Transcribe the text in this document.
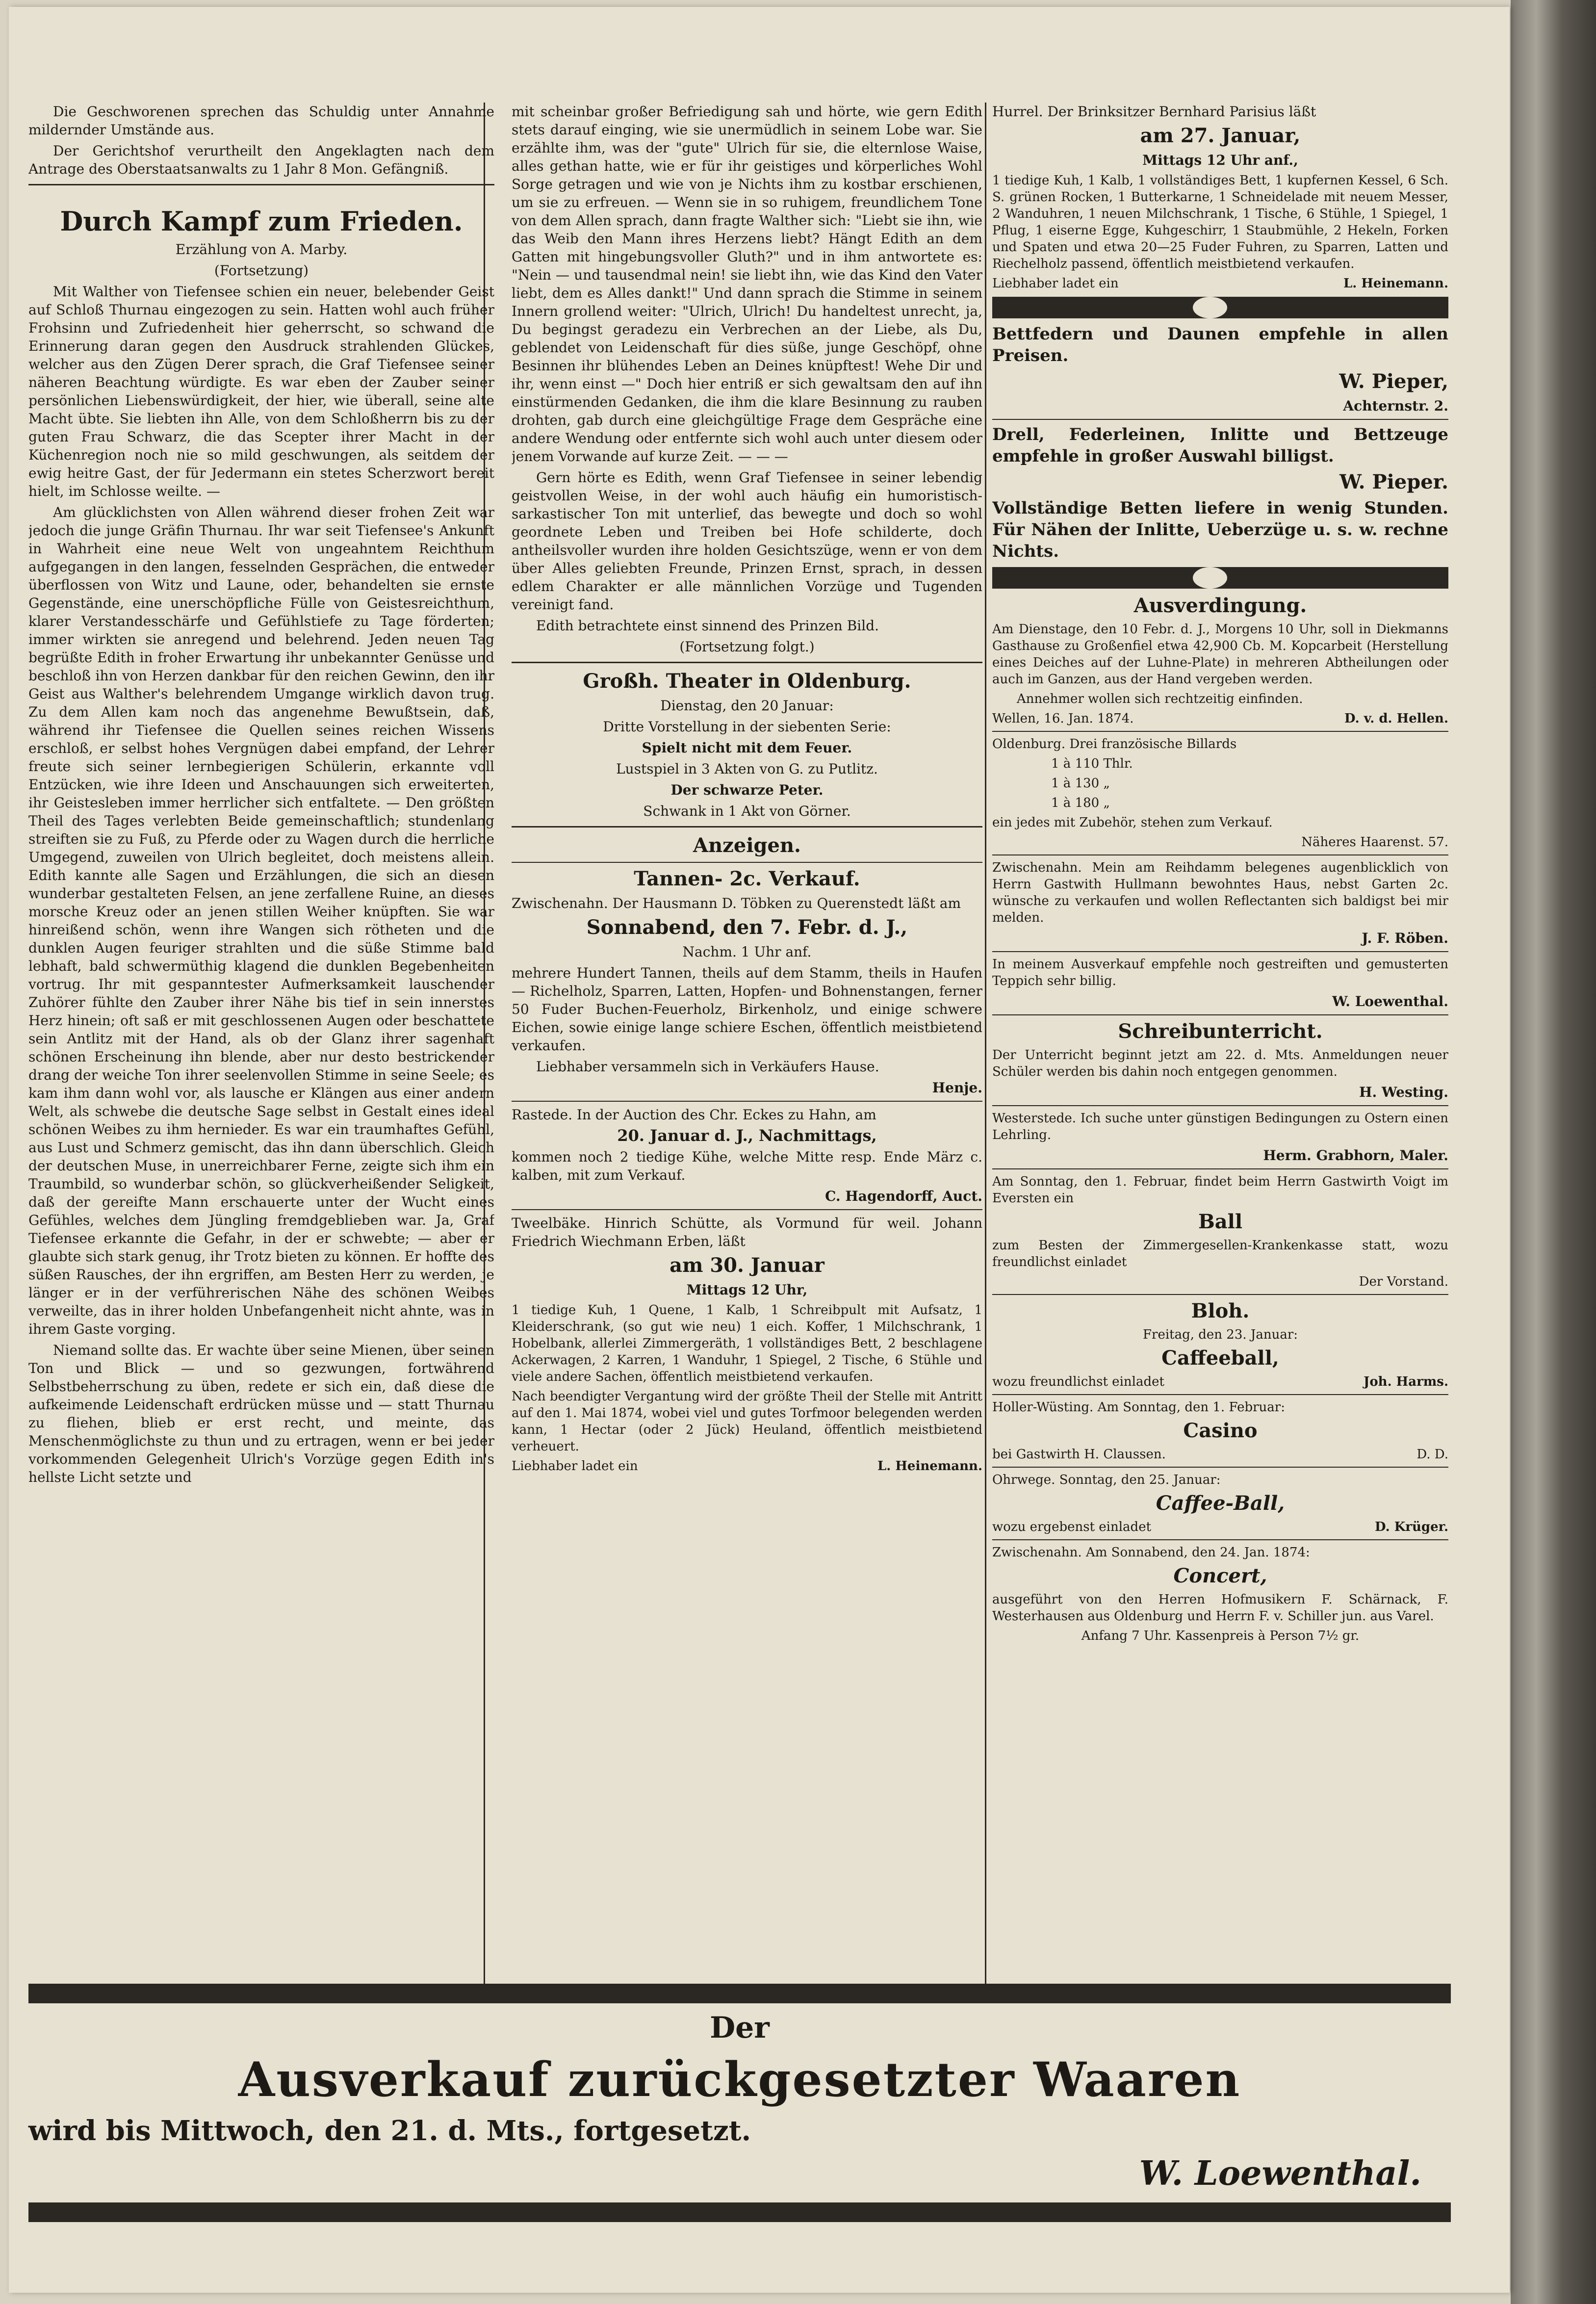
Die Geschworenen sprechen das Schuldig unter Annahme mildernder Umstände aus.

Der Gerichtshof verurtheilt den Angeklagten nach dem Antrage des Oberstaatsanwalts zu 1 Jahr 8 Mon. Gefängniß.

Durch Kampf zum Frieden.

Erzählung von A. Marby.

(Fortsetzung)

Mit Walther von Tiefensee schien ein neuer, belebender Geist auf Schloß Thurnau eingezogen zu sein. Hatten wohl auch früher Frohsinn und Zufriedenheit hier geherrscht, so schwand die Erinnerung daran gegen den Ausdruck strahlenden Glückes, welcher aus den Zügen Derer sprach, die Graf Tiefensee seiner näheren Beachtung würdigte. Es war eben der Zauber seiner persönlichen Liebenswürdigkeit, der hier, wie überall, seine alte Macht übte. Sie liebten ihn Alle, von dem Schloßherrn bis zu der guten Frau Schwarz, die das Scepter ihrer Macht in der Küchenregion noch nie so mild geschwungen, als seitdem der ewig heitre Gast, der für Jedermann ein stetes Scherzwort bereit hielt, im Schlosse weilte. —

Am glücklichsten von Allen während dieser frohen Zeit war jedoch die junge Gräfin Thurnau. Ihr war seit Tiefensee's Ankunft in Wahrheit eine neue Welt von ungeahntem Reichthum aufgegangen in den langen, fesselnden Gesprächen, die entweder überflossen von Witz und Laune, oder, behandelten sie ernste Gegenstände, eine unerschöpfliche Fülle von Geistesreichthum, klarer Verstandesschärfe und Gefühlstiefe zu Tage förderten; immer wirkten sie anregend und belehrend. Jeden neuen Tag begrüßte Edith in froher Erwartung ihr unbekannter Genüsse und beschloß ihn von Herzen dankbar für den reichen Gewinn, den ihr Geist aus Walther's belehrendem Umgange wirklich davon trug. Zu dem Allen kam noch das angenehme Bewußtsein, daß, während ihr Tiefensee die Quellen seines reichen Wissens erschloß, er selbst hohes Vergnügen dabei empfand, der Lehrer freute sich seiner lernbegierigen Schülerin, erkannte voll Entzücken, wie ihre Ideen und Anschauungen sich erweiterten, ihr Geistesleben immer herrlicher sich entfaltete. — Den größten Theil des Tages verlebten Beide gemeinschaftlich; stundenlang streiften sie zu Fuß, zu Pferde oder zu Wagen durch die herrliche Umgegend, zuweilen von Ulrich begleitet, doch meistens allein. Edith kannte alle Sagen und Erzählungen, die sich an diesen wunderbar gestalteten Felsen, an jene zerfallene Ruine, an dieses morsche Kreuz oder an jenen stillen Weiher knüpften. Sie war hinreißend schön, wenn ihre Wangen sich rötheten und die dunklen Augen feuriger strahlten und die süße Stimme bald lebhaft, bald schwermüthig klagend die dunklen Begebenheiten vortrug. Ihr mit gespanntester Aufmerksamkeit lauschender Zuhörer fühlte den Zauber ihrer Nähe bis tief in sein innerstes Herz hinein; oft saß er mit geschlossenen Augen oder beschattete sein Antlitz mit der Hand, als ob der Glanz ihrer sagenhaft schönen Erscheinung ihn blende, aber nur desto bestrickender drang der weiche Ton ihrer seelenvollen Stimme in seine Seele; es kam ihm dann wohl vor, als lausche er Klängen aus einer andern Welt, als schwebe die deutsche Sage selbst in Gestalt eines ideal schönen Weibes zu ihm hernieder. Es war ein traumhaftes Gefühl, aus Lust und Schmerz gemischt, das ihn dann überschlich. Gleich der deutschen Muse, in unerreichbarer Ferne, zeigte sich ihm ein Traumbild, so wunderbar schön, so glückverheißender Seligkeit, daß der gereifte Mann erschauerte unter der Wucht eines Gefühles, welches dem Jüngling fremdgeblieben war. Ja, Graf Tiefensee erkannte die Gefahr, in der er schwebte; — aber er glaubte sich stark genug, ihr Trotz bieten zu können. Er hoffte des süßen Rausches, der ihn ergriffen, am Besten Herr zu werden, je länger er in der verführerischen Nähe des schönen Weibes verweilte, das in ihrer holden Unbefangenheit nicht ahnte, was in ihrem Gaste vorging.

Niemand sollte das. Er wachte über seine Mienen, über seinen Ton und Blick — und so gezwungen, fortwährend Selbstbeherrschung zu üben, redete er sich ein, daß diese die aufkeimende Leidenschaft erdrücken müsse und — statt Thurnau zu fliehen, blieb er erst recht, und meinte, das Menschenmöglichste zu thun und zu ertragen, wenn er bei jeder vorkommenden Gelegenheit Ulrich's Vorzüge gegen Edith in's hellste Licht setzte und

mit scheinbar großer Befriedigung sah und hörte, wie gern Edith stets darauf einging, wie sie unermüdlich in seinem Lobe war. Sie erzählte ihm, was der "gute" Ulrich für sie, die elternlose Waise, alles gethan hatte, wie er für ihr geistiges und körperliches Wohl Sorge getragen und wie von je Nichts ihm zu kostbar erschienen, um sie zu erfreuen. — Wenn sie in so ruhigem, freundlichem Tone von dem Allen sprach, dann fragte Walther sich: "Liebt sie ihn, wie das Weib den Mann ihres Herzens liebt? Hängt Edith an dem Gatten mit hingebungsvoller Gluth?" und in ihm antwortete es: "Nein — und tausendmal nein! sie liebt ihn, wie das Kind den Vater liebt, dem es Alles dankt!" Und dann sprach die Stimme in seinem Innern grollend weiter: "Ulrich, Ulrich! Du handeltest unrecht, ja, Du begingst geradezu ein Verbrechen an der Liebe, als Du, geblendet von Leidenschaft für dies süße, junge Geschöpf, ohne Besinnen ihr blühendes Leben an Deines knüpftest! Wehe Dir und ihr, wenn einst —" Doch hier entriß er sich gewaltsam den auf ihn einstürmenden Gedanken, die ihm die klare Besinnung zu rauben drohten, gab durch eine gleichgültige Frage dem Gespräche eine andere Wendung oder entfernte sich wohl auch unter diesem oder jenem Vorwande auf kurze Zeit. — — —

Gern hörte es Edith, wenn Graf Tiefensee in seiner lebendig geistvollen Weise, in der wohl auch häufig ein humoristisch-sarkastischer Ton mit unterlief, das bewegte und doch so wohl geordnete Leben und Treiben bei Hofe schilderte, doch antheilsvoller wurden ihre holden Gesichtszüge, wenn er von dem über Alles geliebten Freunde, Prinzen Ernst, sprach, in dessen edlem Charakter er alle männlichen Vorzüge und Tugenden vereinigt fand.

Edith betrachtete einst sinnend des Prinzen Bild.

(Fortsetzung folgt.)

Großh. Theater in Oldenburg.

Dienstag, den 20 Januar:

Dritte Vorstellung in der siebenten Serie:

Spielt nicht mit dem Feuer.

Lustspiel in 3 Akten von G. zu Putlitz.

Der schwarze Peter.

Schwank in 1 Akt von Görner.

Anzeigen.

Tannen- 2c. Verkauf.

Zwischenahn. Der Hausmann D. Töbken zu Querenstedt läßt am

Sonnabend, den 7. Febr. d. J.,

Nachm. 1 Uhr anf.

mehrere Hundert Tannen, theils auf dem Stamm, theils in Haufen — Richelholz, Sparren, Latten, Hopfen- und Bohnenstangen, ferner 50 Fuder Buchen-Feuerholz, Birkenholz, und einige schwere Eichen, sowie einige lange schiere Eschen, öffentlich meistbietend verkaufen.

Liebhaber versammeln sich in Verkäufers Hause.

Henje.

Rastede. In der Auction des Chr. Eckes zu Hahn, am

20. Januar d. J., Nachmittags,

kommen noch 2 tiedige Kühe, welche Mitte resp. Ende März c. kalben, mit zum Verkauf.

C. Hagendorff, Auct.

Tweelbäke. Hinrich Schütte, als Vormund für weil. Johann Friedrich Wiechmann Erben, läßt

am 30. Januar

Mittags 12 Uhr,

1 tiedige Kuh, 1 Quene, 1 Kalb, 1 Schreibpult mit Aufsatz, 1 Kleiderschrank, (so gut wie neu) 1 eich. Koffer, 1 Milchschrank, 1 Hobelbank, allerlei Zimmergeräth, 1 vollständiges Bett, 2 beschlagene Ackerwagen, 2 Karren, 1 Wanduhr, 1 Spiegel, 2 Tische, 6 Stühle und viele andere Sachen, öffentlich meistbietend verkaufen.

Nach beendigter Vergantung wird der größte Theil der Stelle mit Antritt auf den 1. Mai 1874, wobei viel und gutes Torfmoor belegenden werden kann, 1 Hectar (oder 2 Jück) Heuland, öffentlich meistbietend verheuert.

Liebhaber ladet ein	L. Heinemann.

Hurrel. Der Brinksitzer Bernhard Parisius läßt

am 27. Januar,

Mittags 12 Uhr anf.,

1 tiedige Kuh, 1 Kalb, 1 vollständiges Bett, 1 kupfernen Kessel, 6 Sch. S. grünen Rocken, 1 Butterkarne, 1 Schneidelade mit neuem Messer, 2 Wanduhren, 1 neuen Milchschrank, 1 Tische, 6 Stühle, 1 Spiegel, 1 Pflug, 1 eiserne Egge, Kuhgeschirr, 1 Staubmühle, 2 Hekeln, Forken und Spaten und etwa 20—25 Fuder Fuhren, zu Sparren, Latten und Riechelholz passend, öffentlich meistbietend verkaufen.

Liebhaber ladet ein	L. Heinemann.

Bettfedern und Daunen empfehle in allen Preisen.

W. Pieper,

Achternstr. 2.

Drell, Federleinen, Inlitte und Bettzeuge empfehle in großer Auswahl billigst.

W. Pieper.

Vollständige Betten liefere in wenig Stunden. Für Nähen der Inlitte, Ueberzüge u. s. w. rechne Nichts.

Ausverdingung.

Am Dienstage, den 10 Febr. d. J., Morgens 10 Uhr, soll in Diekmanns Gasthause zu Großenfiel etwa 42,900 Cb. M. Kopcarbeit (Herstellung eines Deiches auf der Luhne-Plate) in mehreren Abtheilungen oder auch im Ganzen, aus der Hand vergeben werden.

Annehmer wollen sich rechtzeitig einfinden.

Wellen, 16. Jan. 1874.	D. v. d. Hellen.

Oldenburg. Drei französische Billards

1 à 110 Thlr.

1 à 130 „

1 à 180 „

ein jedes mit Zubehör, stehen zum Verkauf.

Näheres Haarenst. 57.

Zwischenahn. Mein am Reihdamm belegenes augenblicklich von Herrn Gastwith Hullmann bewohntes Haus, nebst Garten 2c. wünsche zu verkaufen und wollen Reflectanten sich baldigst bei mir melden.

J. F. Röben.

In meinem Ausverkauf empfehle noch gestreiften und gemusterten Teppich sehr billig.

W. Loewenthal.

Schreibunterricht.

Der Unterricht beginnt jetzt am 22. d. Mts. Anmeldungen neuer Schüler werden bis dahin noch entgegen genommen.

H. Westing.

Westerstede. Ich suche unter günstigen Bedingungen zu Ostern einen Lehrling.

Herm. Grabhorn, Maler.

Am Sonntag, den 1. Februar, findet beim Herrn Gastwirth Voigt im Eversten ein

Ball

zum Besten der Zimmergesellen-Krankenkasse statt, wozu freundlichst einladet

Der Vorstand.

Bloh.

Freitag, den 23. Januar:

Caffeeball,

wozu freundlichst einladet	Joh. Harms.

Holler-Wüsting. Am Sonntag, den 1. Februar:

Casino

bei Gastwirth H. Claussen.	D. D.

Ohrwege. Sonntag, den 25. Januar:

Caffee-Ball,

wozu ergebenst einladet	D. Krüger.

Zwischenahn. Am Sonnabend, den 24. Jan. 1874:

Concert,

ausgeführt von den Herren Hofmusikern F. Schärnack, F. Westerhausen aus Oldenburg und Herrn F. v. Schiller jun. aus Varel.

Anfang 7 Uhr. Kassenpreis à Person 7½ gr.

Der

Ausverkauf zurückgesetzter Waaren

wird bis Mittwoch, den 21. d. Mts., fortgesetzt.

W. Loewenthal.
